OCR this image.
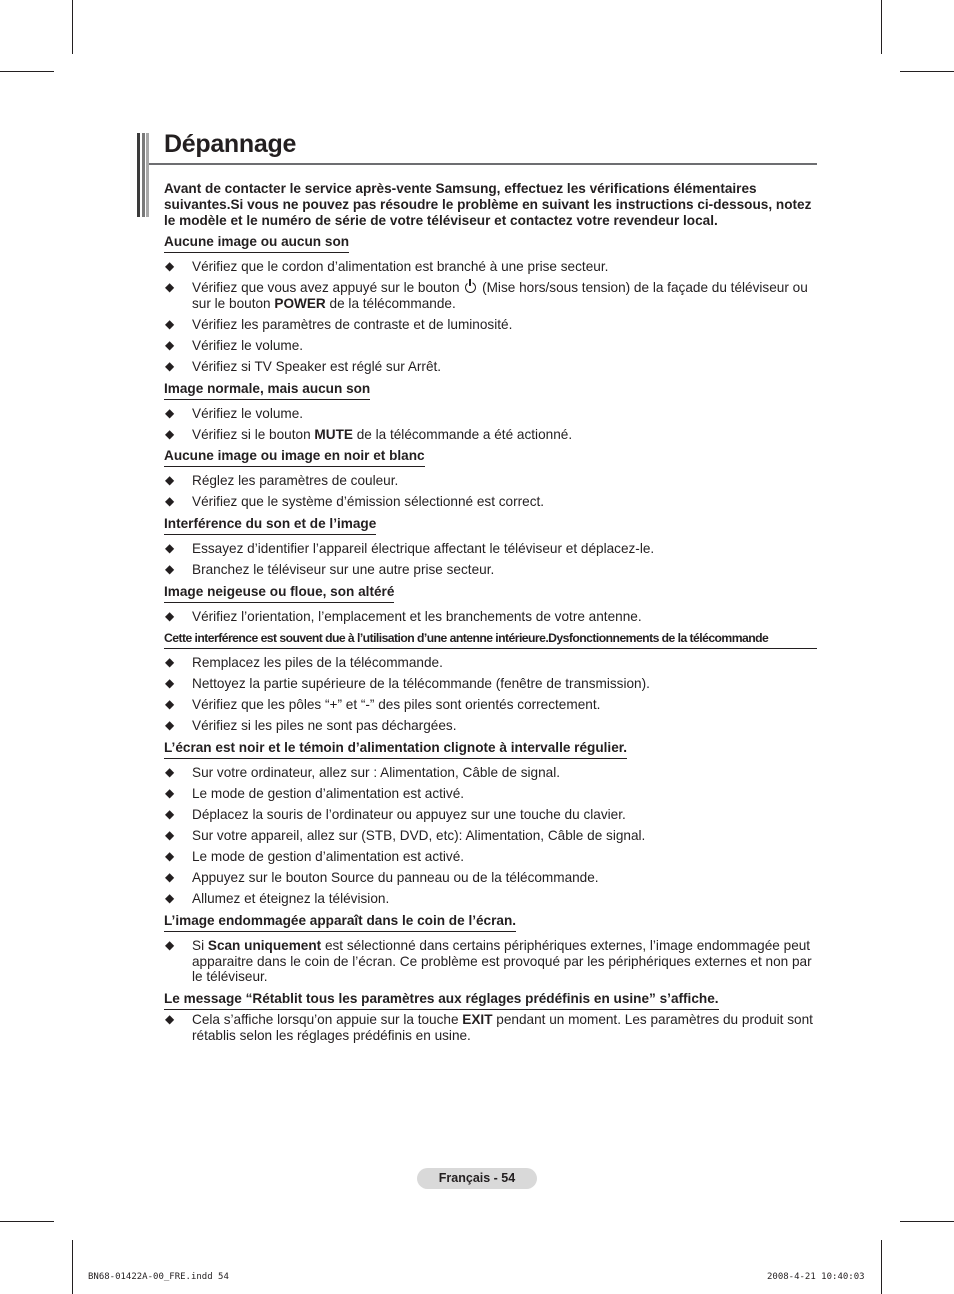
Dépannage
Avant de contacter le service après-vente Samsung, effectuez les vérifications élémentaires suivantes.Si vous ne pouvez pas résoudre le problème en suivant les instructions ci-dessous, notez le modèle et le numéro de série de votre téléviseur et contactez votre revendeur local.
Aucune image ou aucun son
◆ Vérifiez que le cordon d’alimentation est branché à une prise secteur.
◆ Vérifiez que vous avez appuyé sur le bouton (Mise hors/sous tension) de la façade du téléviseur ou sur le bouton POWER de la télécommande.
◆ Vérifiez les paramètres de contraste et de luminosité.
◆ Vérifiez le volume.
◆ Vérifiez si TV Speaker est réglé sur Arrêt.
Image normale, mais aucun son
◆ Vérifiez le volume.
◆ Vérifiez si le bouton MUTE de la télécommande a été actionné.
Aucune image ou image en noir et blanc
◆ Réglez les paramètres de couleur.
◆ Vérifiez que le système d’émission sélectionné est correct.
Interférence du son et de l’image
◆ Essayez d’identifier l’appareil électrique affectant le téléviseur et déplacez-le.
◆ Branchez le téléviseur sur une autre prise secteur.
Image neigeuse ou floue, son altéré
◆ Vérifiez l’orientation, l’emplacement et les branchements de votre antenne.
Cette interférence est souvent due à l’utilisation d’une antenne intérieure.Dysfonctionnements de la télécommande
◆ Remplacez les piles de la télécommande.
◆ Nettoyez la partie supérieure de la télécommande (fenêtre de transmission).
◆ Vérifiez que les pôles “+” et “-” des piles sont orientés correctement.
◆ Vérifiez si les piles ne sont pas déchargées.
L’écran est noir et le témoin d’alimentation clignote à intervalle régulier.
◆ Sur votre ordinateur, allez sur : Alimentation, Câble de signal.
◆ Le mode de gestion d’alimentation est activé.
◆ Déplacez la souris de l’ordinateur ou appuyez sur une touche du clavier.
◆ Sur votre appareil, allez sur (STB, DVD, etc): Alimentation, Câble de signal.
◆ Le mode de gestion d’alimentation est activé.
◆ Appuyez sur le bouton Source du panneau ou de la télécommande.
◆ Allumez et éteignez la télévision.
L’image endommagée apparaît dans le coin de l’écran.
◆ Si Scan uniquement est sélectionné dans certains périphériques externes, l’image endommagée peut apparaitre dans le coin de l’écran. Ce problème est provoqué par les périphériques externes et non par le téléviseur.
Le message “Rétablit tous les paramètres aux réglages prédéfinis en usine” s’affiche.
◆ Cela s’affiche lorsqu’on appuie sur la touche EXIT pendant un moment. Les paramètres du produit sont rétablis selon les réglages prédéfinis en usine.
Français - 54
BN68-01422A-00_FRE.indd 54	2008-4-21 10:40:03
